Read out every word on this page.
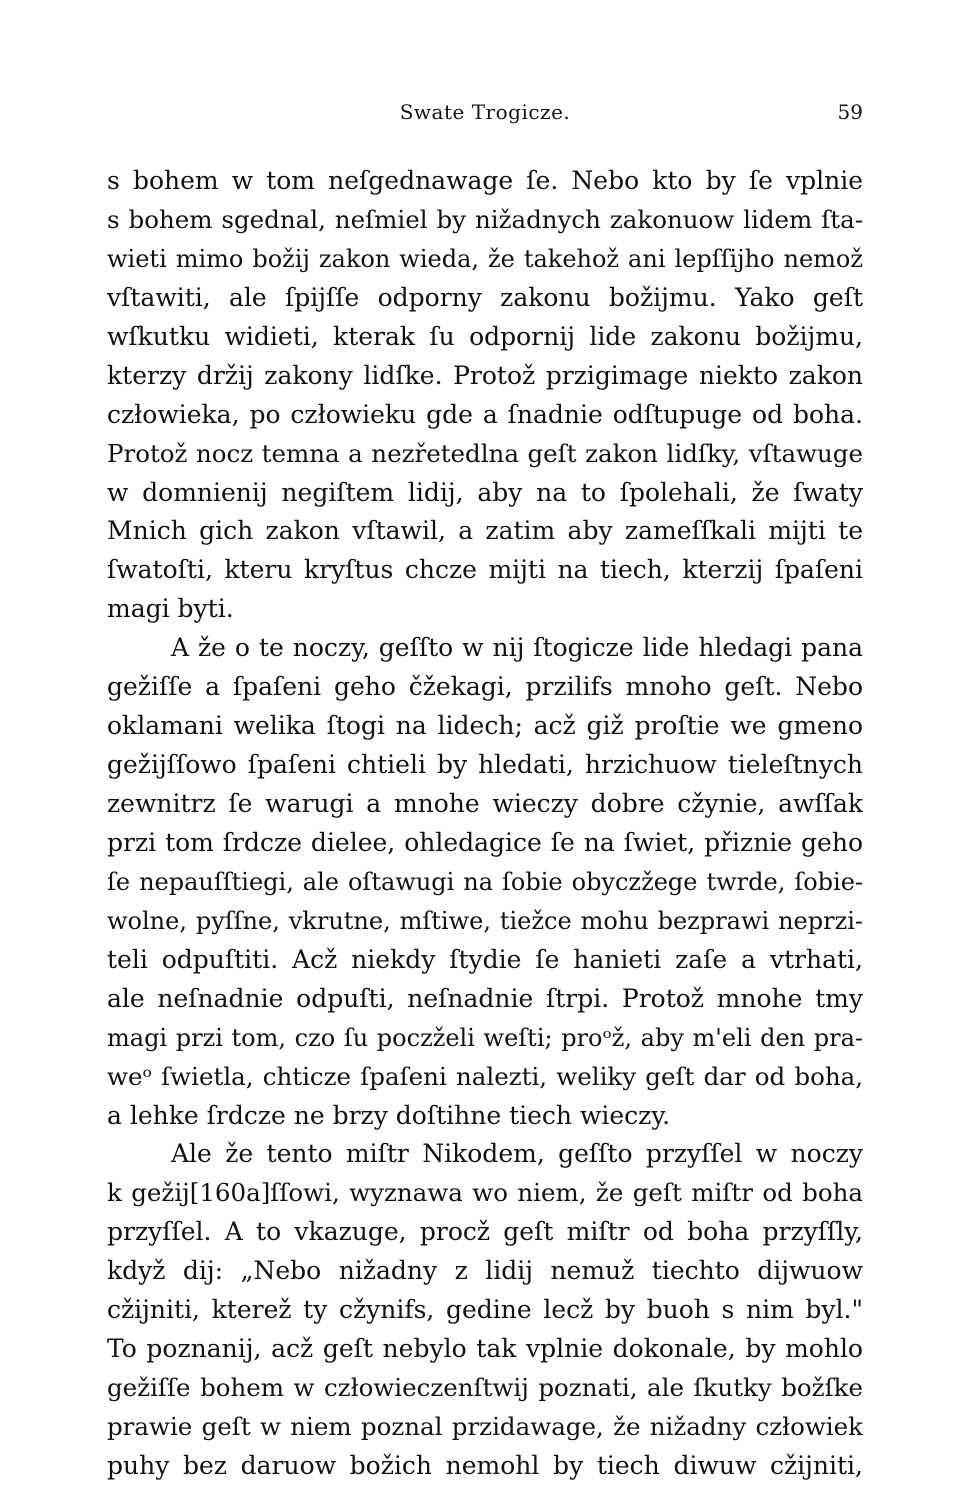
Swate Trogicze.	59
s bohem w tom neſgednawage ſe. Nebo kto by ſe vplnie
s bohem sgednal, neſmiel by nižadnych zakonuow lidem ſta-
wieti mimo božij zakon wieda, že takehož ani lepſſijho nemož
vſtawiti, ale ſpijſſe odporny zakonu božijmu. Yako geſt
wſkutku widieti, kterak ſu odpornij lide zakonu božijmu,
kterzy držij zakony lidſke. Protož przigimage niekto zakon
człowieka, po człowieku gde a ſnadnie odſtupuge od boha.
Protož nocz temna a nezřetedlna geſt zakon lidſky, vſtawuge
w domnienij negiſtem lidij, aby na to ſpolehali, že ſwaty
Mnich gich zakon vſtawil, a zatim aby zameſſkali mijti te
ſwatoſti, kteru kryſtus chcze mijti na tiech, kterzij ſpaſeni
magi byti.
A že o te noczy, geſſto w nij ſtogicze lide hledagi pana
gežiſſe a ſpaſeni geho čžekagi, przilifs mnoho geſt. Nebo
oklamani welika ſtogi na lidech; acž giž proſtie we gmeno
gežijſſowo ſpaſeni chtieli by hledati, hrzichuow tieleſtnych
zewnitrz ſe warugi a mnohe wieczy dobre cžynie, awſſak
przi tom ſrdcze dielee, ohledagice ſe na ſwiet, přiznie geho
ſe nepauſſtiegi, ale oſtawugi na ſobie obyczžege twrde, ſobie-
wolne, pyſſne, vkrutne, mſtiwe, tiežce mohu bezprawi neprzi-
teli odpuſtiti. Acž niekdy ſtydie ſe hanieti zaſe a vtrhati,
ale neſnadnie odpuſti, neſnadnie ſtrpi. Protož mnohe tmy
magi przi tom, czo ſu poczželi weſti; proᵒž, aby m'eli den pra-
weᵒ ſwietla, chticze ſpaſeni nalezti, weliky geſt dar od boha,
a lehke ſrdcze ne brzy doſtihne tiech wieczy.
Ale že tento miſtr Nikodem, geſſto przyſſel w noczy
k gežij[160a]ſſowi, wyznawa wo niem, že geſt miſtr od boha
przyſſel. A to vkazuge, procž geſt miſtr od boha przyſſly,
když dij: „Nebo nižadny z lidij nemuž tiechto dijwuow
cžijniti, kterež ty cžynifs, gedine lecž by buoh s nim byl."
To poznanij, acž geſt nebylo tak vplnie dokonale, by mohlo
gežiſſe bohem w człowieczenſtwij poznati, ale ſkutky božſke
prawie geſt w niem poznal przidawage, že nižadny człowiek
puhy bez daruow božich nemohl by tiech diwuw cžijniti,
